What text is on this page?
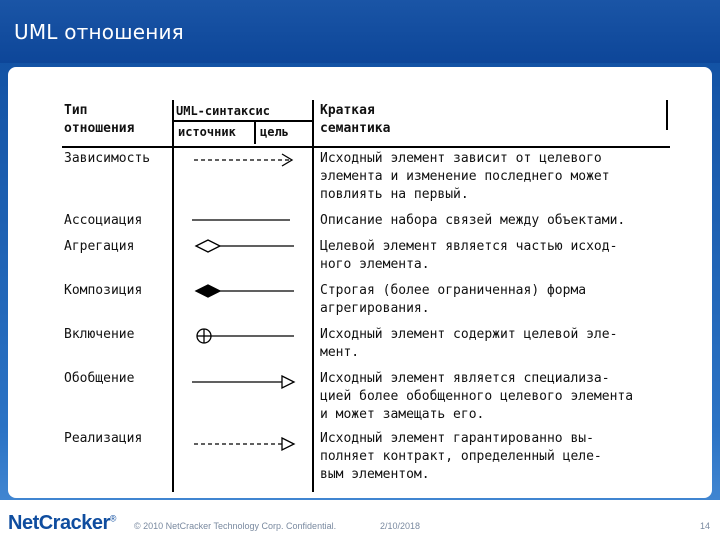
UML отношения
Тип
отношения
UML-синтаксис
источник цель
Краткая
семантика
Зависимость	Исходный элемент зависит от целевого
элемента и изменение последнего может
повлиять на первый.
Ассоциация	Описание набора связей между объектами.
Агрегация	Целевой элемент является частью исход-
ного элемента.
Композиция	Строгая (более ограниченная) форма
агрегирования.
Включение	Исходный элемент содержит целевой эле-
мент.
Обобщение	Исходный элемент является специализа-
цией более обобщенного целевого элемента
и может замещать его.
Реализация	Исходный элемент гарантированно вы-
полняет контракт, определенный целе-
вым элементом.
NetCracker®
© 2010 NetCracker Technology Corp. Confidential.	2/10/2018	14
